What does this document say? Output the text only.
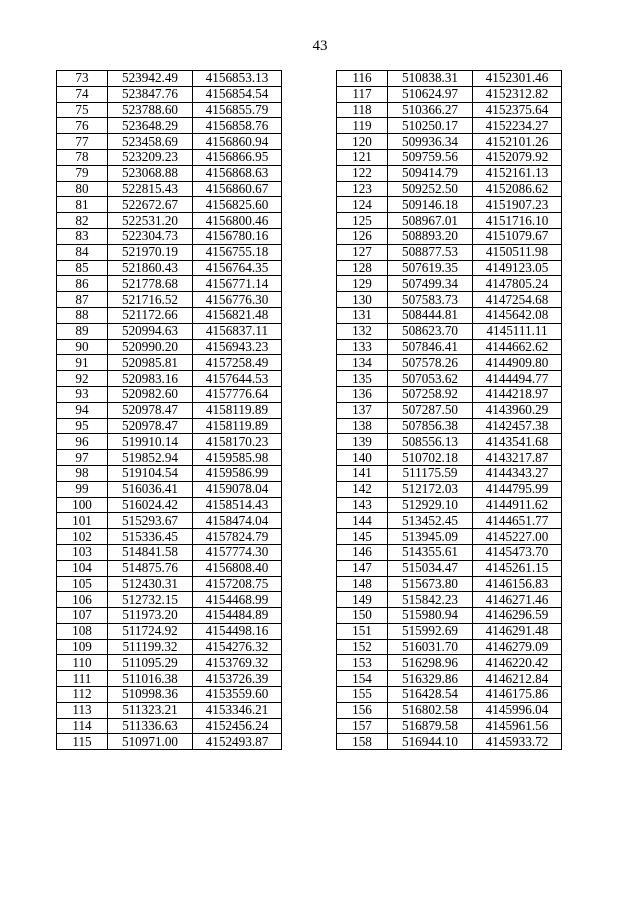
43
73	523942.49	4156853.13
74	523847.76	4156854.54
75	523788.60	4156855.79
76	523648.29	4156858.76
77	523458.69	4156860.94
78	523209.23	4156866.95
79	523068.88	4156868.63
80	522815.43	4156860.67
81	522672.67	4156825.60
82	522531.20	4156800.46
83	522304.73	4156780.16
84	521970.19	4156755.18
85	521860.43	4156764.35
86	521778.68	4156771.14
87	521716.52	4156776.30
88	521172.66	4156821.48
89	520994.63	4156837.11
90	520990.20	4156943.23
91	520985.81	4157258.49
92	520983.16	4157644.53
93	520982.60	4157776.64
94	520978.47	4158119.89
95	520978.47	4158119.89
96	519910.14	4158170.23
97	519852.94	4159585.98
98	519104.54	4159586.99
99	516036.41	4159078.04
100	516024.42	4158514.43
101	515293.67	4158474.04
102	515336.45	4157824.79
103	514841.58	4157774.30
104	514875.76	4156808.40
105	512430.31	4157208.75
106	512732.15	4154468.99
107	511973.20	4154484.89
108	511724.92	4154498.16
109	511199.32	4154276.32
110	511095.29	4153769.32
111	511016.38	4153726.39
112	510998.36	4153559.60
113	511323.21	4153346.21
114	511336.63	4152456.24
115	510971.00	4152493.87
116	510838.31	4152301.46
117	510624.97	4152312.82
118	510366.27	4152375.64
119	510250.17	4152234.27
120	509936.34	4152101.26
121	509759.56	4152079.92
122	509414.79	4152161.13
123	509252.50	4152086.62
124	509146.18	4151907.23
125	508967.01	4151716.10
126	508893.20	4151079.67
127	508877.53	4150511.98
128	507619.35	4149123.05
129	507499.34	4147805.24
130	507583.73	4147254.68
131	508444.81	4145642.08
132	508623.70	4145111.11
133	507846.41	4144662.62
134	507578.26	4144909.80
135	507053.62	4144494.77
136	507258.92	4144218.97
137	507287.50	4143960.29
138	507856.38	4142457.38
139	508556.13	4143541.68
140	510702.18	4143217.87
141	511175.59	4144343.27
142	512172.03	4144795.99
143	512929.10	4144911.62
144	513452.45	4144651.77
145	513945.09	4145227.00
146	514355.61	4145473.70
147	515034.47	4145261.15
148	515673.80	4146156.83
149	515842.23	4146271.46
150	515980.94	4146296.59
151	515992.69	4146291.48
152	516031.70	4146279.09
153	516298.96	4146220.42
154	516329.86	4146212.84
155	516428.54	4146175.86
156	516802.58	4145996.04
157	516879.58	4145961.56
158	516944.10	4145933.72
